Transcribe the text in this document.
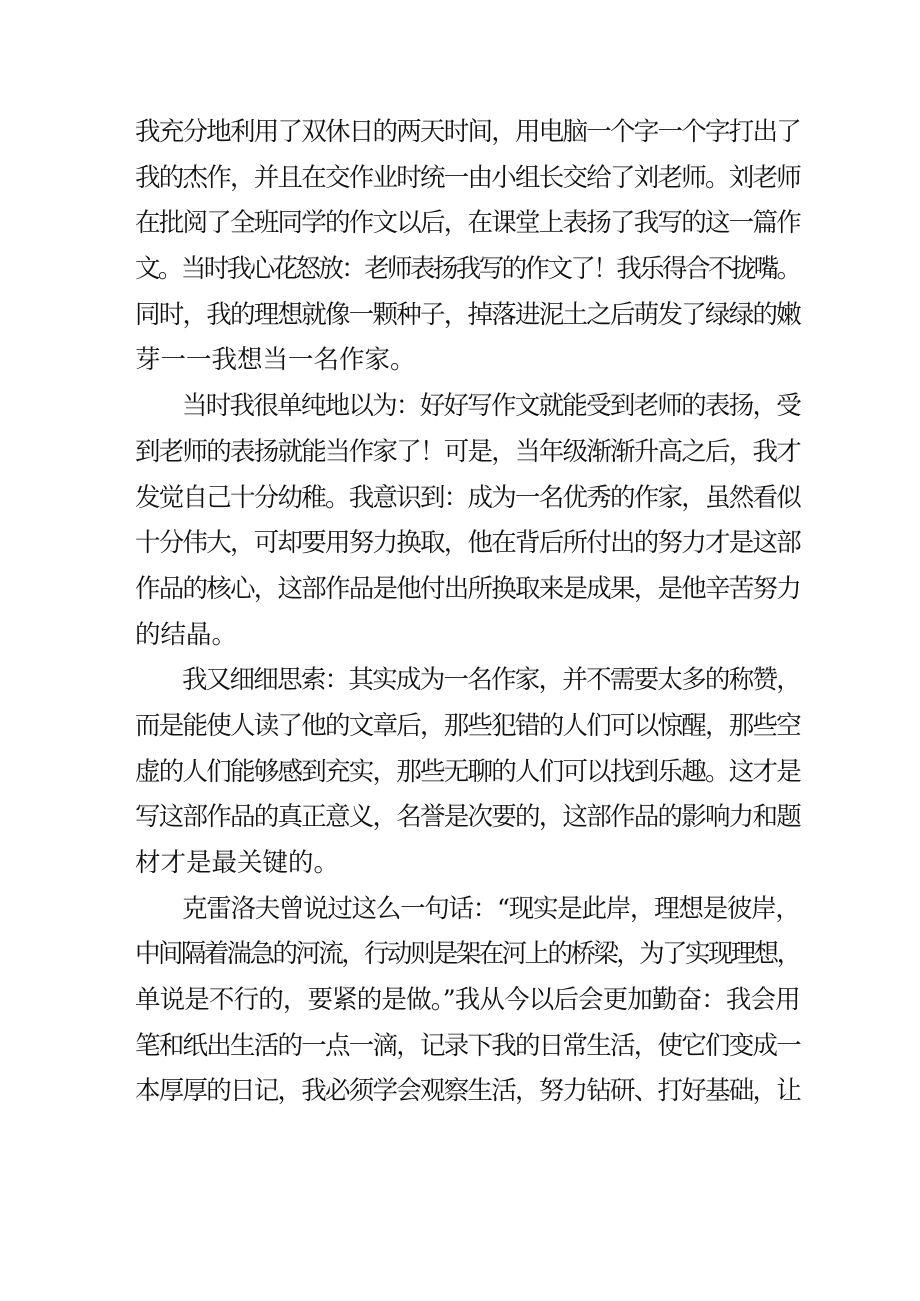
我充分地利用了双休日的两天时间，用电脑一个字一个字打出了
我的杰作，并且在交作业时统一由小组长交给了刘老师。刘老师
在批阅了全班同学的作文以后，在课堂上表扬了我写的这一篇作
文。当时我心花怒放：老师表扬我写的作文了！我乐得合不拢嘴。
同时，我的理想就像一颗种子，掉落进泥土之后萌发了绿绿的嫩
芽一一我想当一名作家。
当时我很单纯地以为：好好写作文就能受到老师的表扬，受
到老师的表扬就能当作家了！可是，当年级渐渐升高之后，我才
发觉自己十分幼稚。我意识到：成为一名优秀的作家，虽然看似
十分伟大，可却要用努力换取，他在背后所付出的努力才是这部
作品的核心，这部作品是他付出所换取来是成果，是他辛苦努力
的结晶。
我又细细思索：其实成为一名作家，并不需要太多的称赞，
而是能使人读了他的文章后，那些犯错的人们可以惊醒，那些空
虚的人们能够感到充实，那些无聊的人们可以找到乐趣。这才是
写这部作品的真正意义，名誉是次要的，这部作品的影响力和题
材才是最关键的。
克雷洛夫曾说过这么一句话：“现实是此岸，理想是彼岸，
中间隔着湍急的河流，行动则是架在河上的桥梁，为了实现理想，
单说是不行的，要紧的是做。”我从今以后会更加勤奋：我会用
笔和纸出生活的一点一滴，记录下我的日常生活，使它们变成一
本厚厚的日记，我必须学会观察生活，努力钻研、打好基础，让
